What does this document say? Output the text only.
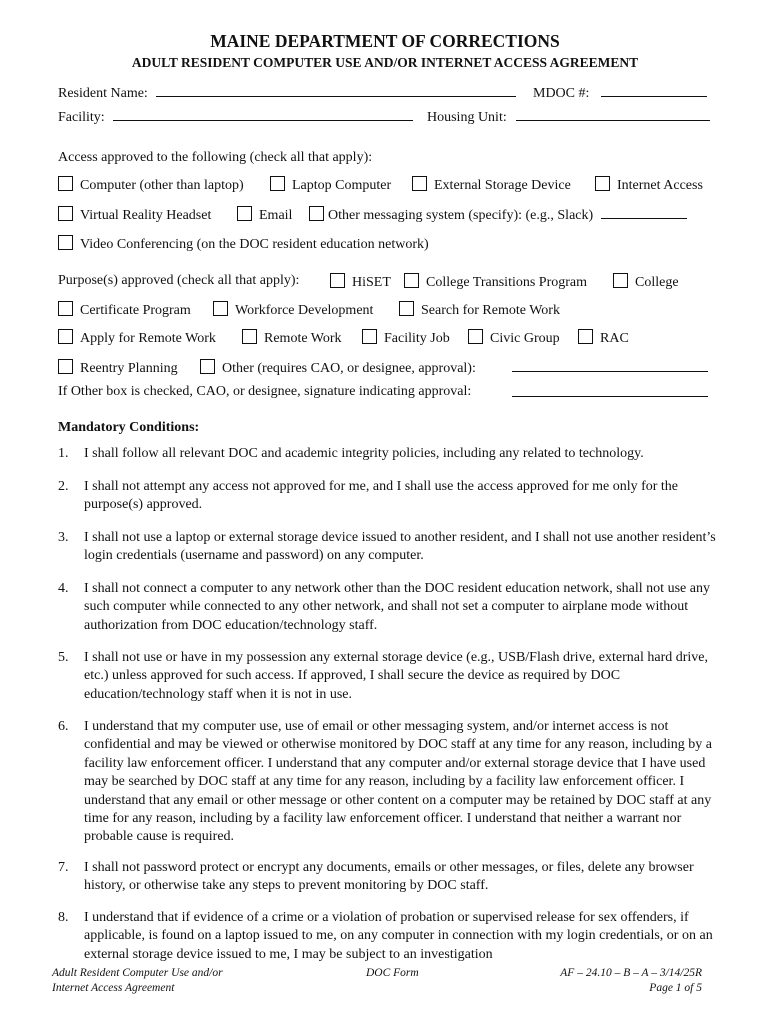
MAINE DEPARTMENT OF CORRECTIONS
ADULT RESIDENT COMPUTER USE AND/OR INTERNET ACCESS AGREEMENT
Resident Name:	MDOC #:
Facility:	Housing Unit:
Access approved to the following (check all that apply):
Computer (other than laptop)	Laptop Computer	External Storage Device	Internet Access
Virtual Reality Headset	Email	Other messaging system (specify): (e.g., Slack)
Video Conferencing (on the DOC resident education network)
Purpose(s) approved (check all that apply):	HiSET	College Transitions Program	College
Certificate Program	Workforce Development	Search for Remote Work
Apply for Remote Work	Remote Work	Facility Job	Civic Group	RAC
Reentry Planning	Other (requires CAO, or designee, approval):
If Other box is checked, CAO, or designee, signature indicating approval:
Mandatory Conditions:
1. I shall follow all relevant DOC and academic integrity policies, including any related to technology.
2. I shall not attempt any access not approved for me, and I shall use the access approved for me only for the purpose(s) approved.
3. I shall not use a laptop or external storage device issued to another resident, and I shall not use another resident’s login credentials (username and password) on any computer.
4. I shall not connect a computer to any network other than the DOC resident education network, shall not use any such computer while connected to any other network, and shall not set a computer to airplane mode without authorization from DOC education/technology staff.
5. I shall not use or have in my possession any external storage device (e.g., USB/Flash drive, external hard drive, etc.) unless approved for such access. If approved, I shall secure the device as required by DOC education/technology staff when it is not in use.
6. I understand that my computer use, use of email or other messaging system, and/or internet access is not confidential and may be viewed or otherwise monitored by DOC staff at any time for any reason, including by a facility law enforcement officer. I understand that any computer and/or external storage device that I have used may be searched by DOC staff at any time for any reason, including by a facility law enforcement officer. I understand that any email or other message or other content on a computer may be retained by DOC staff at any time for any reason, including by a facility law enforcement officer. I understand that neither a warrant nor probable cause is required.
7. I shall not password protect or encrypt any documents, emails or other messages, or files, delete any browser history, or otherwise take any steps to prevent monitoring by DOC staff.
8. I understand that if evidence of a crime or a violation of probation or supervised release for sex offenders, if applicable, is found on a laptop issued to me, on any computer in connection with my login credentials, or on an external storage device issued to me, I may be subject to an investigation
Adult Resident Computer Use and/or
Internet Access Agreement
DOC Form	AF – 24.10 – B – A – 3/14/25R
Page 1 of 5
